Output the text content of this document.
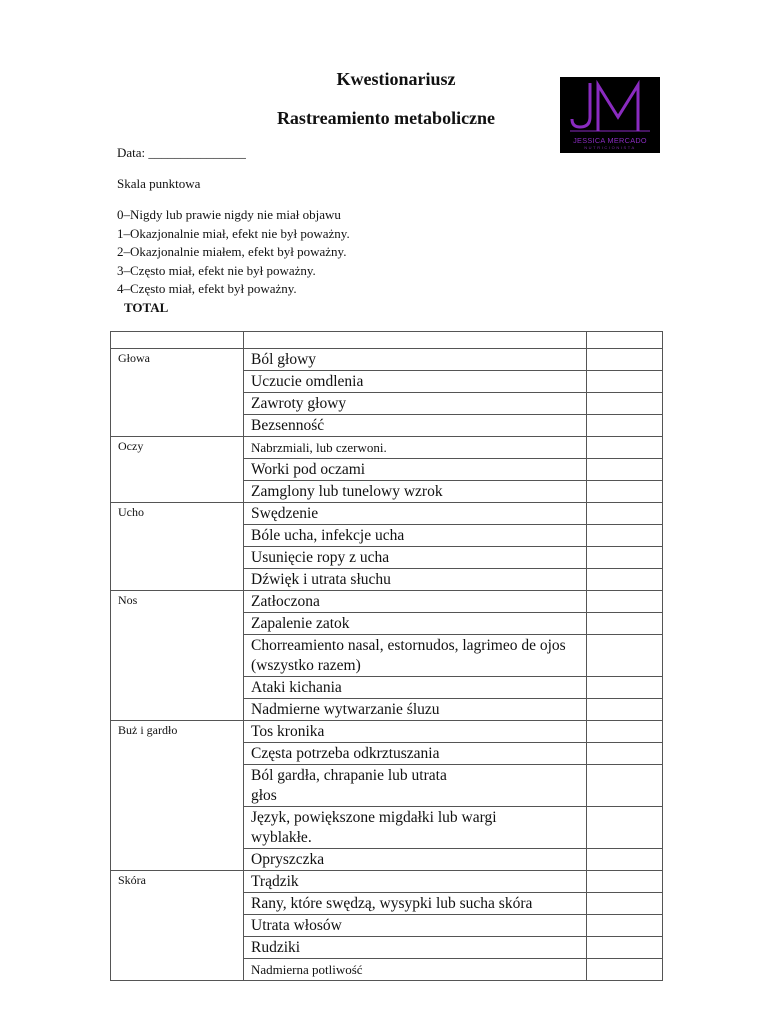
Kwestionariusz
Rastreamiento metaboliczne
JESSICA MERCADO
NUTRICIONISTA
Data: _______________
Skala punktowa
0–Nigdy lub prawie nigdy nie miał objawu
1–Okazjonalnie miał, efekt nie był poważny.
2–Okazjonalnie miałem, efekt był poważny.
3–Często miał, efekt nie był poważny.
4–Często miał, efekt był poważny.
TOTAL

Głowa	Ból głowy	
	Uczucie omdlenia	
	Zawroty głowy	
	Bezsenność	
Oczy	Nabrzmiali, lub czerwoni.	
	Worki pod oczami	
	Zamglony lub tunelowy wzrok	
Ucho	Swędzenie	
	Bóle ucha, infekcje ucha	
	Usunięcie ropy z ucha	
	Dźwięk i utrata słuchu	
Nos	Zatłoczona	
	Zapalenie zatok	
	Chorreamiento nasal, estornudos, lagrimeo de ojos (wszystko razem)	
	Ataki kichania	
	Nadmierne wytwarzanie śluzu	
Buż i gardło	Tos kronika	
	Częsta potrzeba odkrztuszania	
	Ból gardła, chrapanie lub utrata głos	
	Język, powiększone migdałki lub wargi wyblakłe.	
	Opryszczka	
Skóra	Trądzik	
	Rany, które swędzą, wysypki lub sucha skóra	
	Utrata włosów	
	Rudziki	
	Nadmierna potliwość	
